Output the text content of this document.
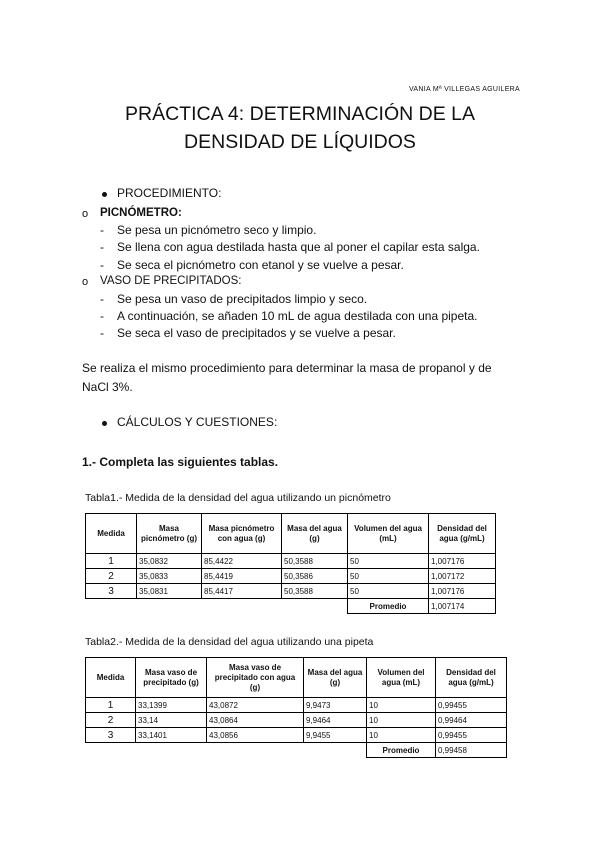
VANIA Mª VILLEGAS AGUILERA
PRÁCTICA 4: DETERMINACIÓN DE LA
DENSIDAD DE LÍQUIDOS
PROCEDIMIENTO:
o PICNÓMETRO:
- Se pesa un picnómetro seco y limpio.
- Se llena con agua destilada hasta que al poner el capilar esta salga.
- Se seca el picnómetro con etanol y se vuelve a pesar.
o VASO DE PRECIPITADOS:
- Se pesa un vaso de precipitados limpio y seco.
- A continuación, se añaden 10 mL de agua destilada con una pipeta.
- Se seca el vaso de precipitados y se vuelve a pesar.
Se realiza el mismo procedimiento para determinar la masa de propanol y de
NaCl 3%.
CÁLCULOS Y CUESTIONES:
1.- Completa las siguientes tablas.
Tabla1.- Medida de la densidad del agua utilizando un picnómetro
Medida	Masa picnómetro (g)	Masa picnómetro con agua (g)	Masa del agua (g)	Volumen del agua (mL)	Densidad del agua (g/mL)
1	35,0832	85,4422	50,3588	50	1,007176
2	35,0833	85,4419	50,3586	50	1,007172
3	35,0831	85,4417	50,3588	50	1,007176
				Promedio	1,007174
Tabla2.- Medida de la densidad del agua utilizando una pipeta
Medida	Masa vaso de precipitado (g)	Masa vaso de precipitado con agua (g)	Masa del agua (g)	Volumen del agua (mL)	Densidad del agua (g/mL)
1	33,1399	43,0872	9,9473	10	0,99455
2	33,14	43,0864	9,9464	10	0,99464
3	33,1401	43,0856	9,9455	10	0,99455
				Promedio	0,99458
